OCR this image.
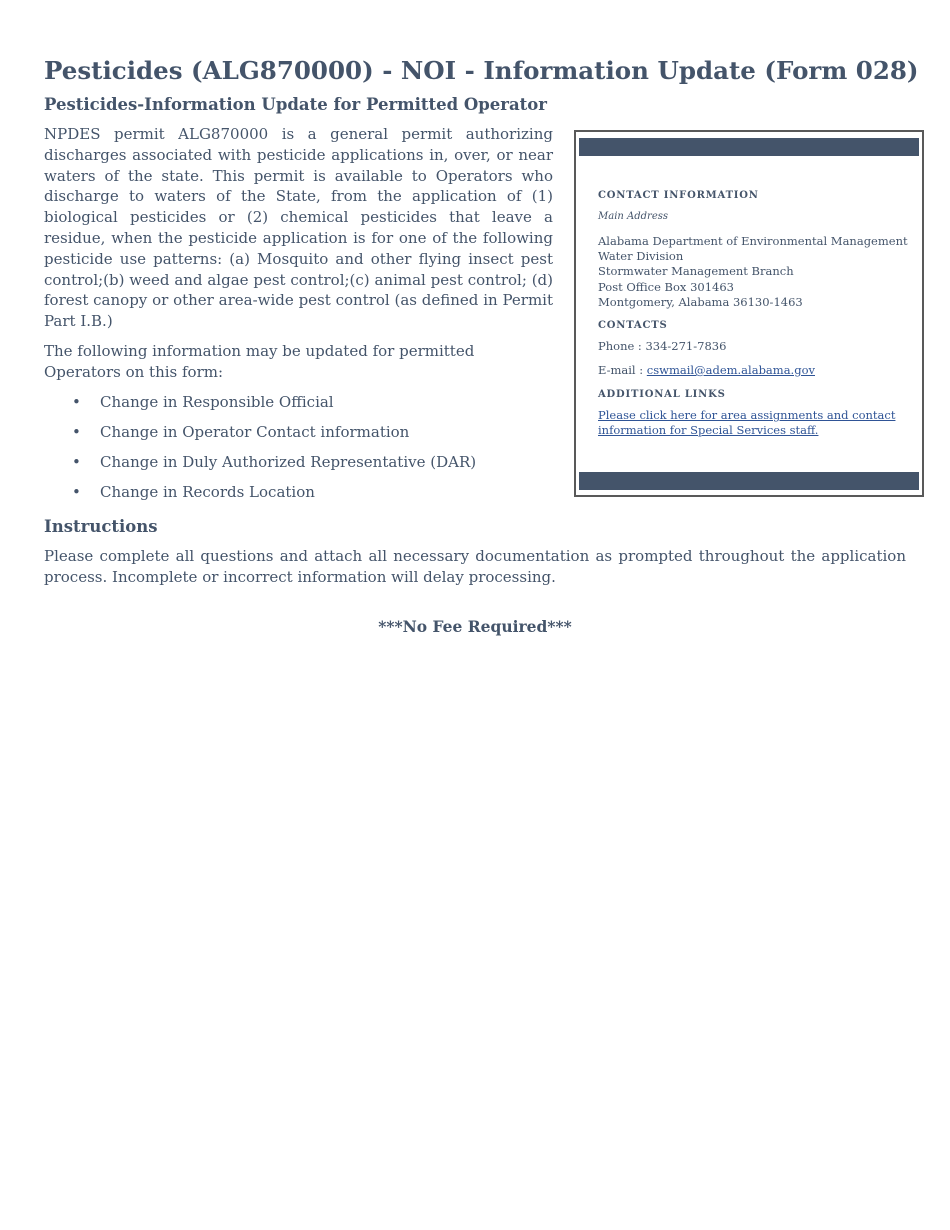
Pesticides (ALG870000) - NOI - Information Update (Form 028)
Pesticides-Information Update for Permitted Operator

NPDES permit ALG870000 is a general permit authorizing discharges associated with pesticide applications in, over, or near waters of the state. This permit is available to Operators who discharge to waters of the State, from the application of (1) biological pesticides or (2) chemical pesticides that leave a residue, when the pesticide application is for one of the following pesticide use patterns: (a) Mosquito and other flying insect pest control;(b) weed and algae pest control;(c) animal pest control; (d) forest canopy or other area-wide pest control (as defined in Permit Part I.B.)

The following information may be updated for permitted Operators on this form:

• Change in Responsible Official
• Change in Operator Contact information
• Change in Duly Authorized Representative (DAR)
• Change in Records Location
Instructions

Please complete all questions and attach all necessary documentation as prompted throughout the application process. Incomplete or incorrect information will delay processing.

***No Fee Required***

CONTACT INFORMATION
Main Address
Alabama Department of Environmental Management
Water Division
Stormwater Management Branch
Post Office Box 301463
Montgomery, Alabama 36130-1463
CONTACTS
Phone : 334-271-7836
E-mail : cswmail@adem.alabama.gov
ADDITIONAL LINKS
Please click here for area assignments and contact information for Special Services staff.
